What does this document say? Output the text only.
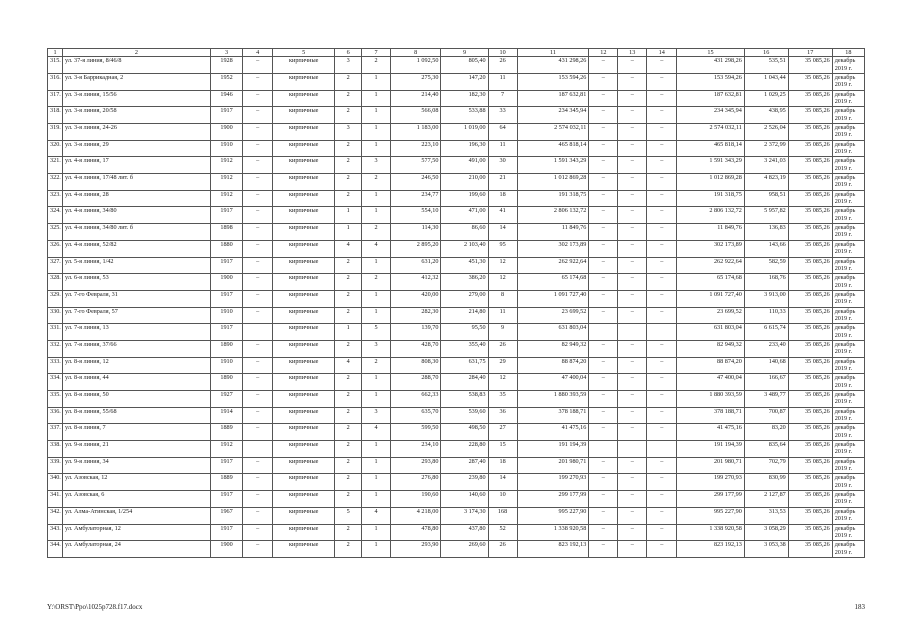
1	2	3	4	5	6	7	8	9	10	11	12	13	14	15	16	17	18
315.	ул. 37-я линия, 8/46/8	1928	–	кирпичные	3	2	1 092,50	805,40	26	431 298,26	–	–	–	431 298,26	535,51	35 085,26	декабрь 2019 г.
316.	ул. 3-я Баррикадная, 2	1952	–	кирпичные	2	1	275,30	147,20	11	153 594,26	–	–	–	153 594,26	1 043,44	35 085,26	декабрь 2019 г.
317.	ул. 3-я линия, 15/56	1946	–	кирпичные	2	1	214,40	182,30	7	187 632,81	–	–	–	187 632,81	1 029,25	35 085,26	декабрь 2019 г.
318.	ул. 3-я линия, 20/58	1917	–	кирпичные	2	1	566,08	533,88	33	234 345,94	–	–	–	234 345,94	438,95	35 085,26	декабрь 2019 г.
319.	ул. 3-я линия, 24-26	1900	–	кирпичные	3	1	1 183,00	1 019,00	64	2 574 032,11	–	–	–	2 574 032,11	2 526,04	35 085,26	декабрь 2019 г.
320.	ул. 3-я линия, 29	1910	–	кирпичные	2	1	223,10	196,30	11	465 818,14	–	–	–	465 818,14	2 372,99	35 085,26	декабрь 2019 г.
321.	ул. 4-я линия, 17	1912	–	кирпичные	2	3	577,50	491,00	30	1 591 343,29	–	–	–	1 591 343,29	3 241,03	35 085,26	декабрь 2019 г.
322.	ул. 4-я линия, 17/48 лит. б	1912	–	кирпичные	2	2	246,50	210,00	21	1 012 869,28	–	–	–	1 012 869,28	4 823,19	35 085,26	декабрь 2019 г.
323.	ул. 4-я линия, 28	1912	–	кирпичные	2	1	234,77	199,60	18	191 318,75	–	–	–	191 318,75	958,51	35 085,26	декабрь 2019 г.
324.	ул. 4-я линия, 34/80	1917	–	кирпичные	1	1	554,10	471,00	41	2 806 132,72	–	–	–	2 806 132,72	5 957,82	35 085,26	декабрь 2019 г.
325.	ул. 4-я линия, 34/80 лит. б	1898	–	кирпичные	1	2	114,30	86,60	14	11 849,76	–	–	–	11 849,76	136,83	35 085,26	декабрь 2019 г.
326.	ул. 4-я линия, 52/82	1880	–	кирпичные	4	4	2 895,20	2 103,40	95	302 173,89	–	–	–	302 173,89	143,66	35 085,26	декабрь 2019 г.
327.	ул. 5-я линия, 1/42	1917	–	кирпичные	2	1	631,20	451,30	12	262 922,64	–	–	–	262 922,64	582,59	35 085,26	декабрь 2019 г.
328.	ул. 6-я линия, 53	1900	–	кирпичные	2	2	412,32	386,20	12	65 174,68	–	–	–	65 174,68	168,76	35 085,26	декабрь 2019 г.
329.	ул. 7-го Февраля, 31	1917	–	кирпичные	2	1	420,00	279,00	8	1 091 727,40	–	–	–	1 091 727,40	3 913,00	35 085,26	декабрь 2019 г.
330.	ул. 7-го Февраля, 57	1910	–	кирпичные	2	1	282,30	214,80	11	23 699,52	–	–	–	23 699,52	110,33	35 085,26	декабрь 2019 г.
331.	ул. 7-я линия, 13	1917		кирпичные	1	5	139,70	95,50	9	631 803,04				631 803,04	6 615,74	35 085,26	декабрь 2019 г.
332.	ул. 7-я линия, 37/66	1890	–	кирпичные	2	3	428,70	355,40	26	82 949,32	–	–	–	82 949,32	233,40	35 085,26	декабрь 2019 г.
333.	ул. 8-я линия, 12	1910	–	кирпичные	4	2	808,30	631,75	29	88 874,20	–	–	–	88 874,20	140,68	35 085,26	декабрь 2019 г.
334.	ул. 8-я линия, 44	1890	–	кирпичные	2	1	288,70	284,40	12	47 400,04	–	–	–	47 400,04	166,67	35 085,26	декабрь 2019 г.
335.	ул. 8-я линия, 50	1927	–	кирпичные	2	1	662,33	538,83	35	1 880 393,59	–	–	–	1 880 393,59	3 489,77	35 085,26	декабрь 2019 г.
336.	ул. 8-я линия, 55/68	1914	–	кирпичные	2	3	635,70	539,60	36	378 188,71	–	–	–	378 188,71	700,87	35 085,26	декабрь 2019 г.
337.	ул. 8-я линия, 7	1889	–	кирпичные	2	4	599,50	498,50	27	41 475,16	–	–	–	41 475,16	83,20	35 085,26	декабрь 2019 г.
338.	ул. 9-я линия, 21	1912		кирпичные	2	1	234,10	228,80	15	191 194,39				191 194,39	835,64	35 085,26	декабрь 2019 г.
339.	ул. 9-я линия, 34	1917	–	кирпичные	2	1	293,80	287,40	18	201 980,71	–	–	–	201 980,71	702,79	35 085,26	декабрь 2019 г.
340.	ул. Азовская, 12	1889	–	кирпичные	2	1	276,80	239,80	14	199 270,93	–	–	–	199 270,93	830,99	35 085,26	декабрь 2019 г.
341.	ул. Азовская, 6	1917	–	кирпичные	2	1	190,60	140,60	10	299 177,99	–	–	–	299 177,99	2 127,87	35 085,26	декабрь 2019 г.
342.	ул. Алма-Атинская, 1/254	1967	–	кирпичные	5	4	4 218,00	3 174,30	168	995 227,90	–	–	–	995 227,90	313,53	35 085,26	декабрь 2019 г.
343.	ул. Амбулаторная, 12	1917	–	кирпичные	2	1	478,80	437,80	52	1 338 920,58	–	–	–	1 338 920,58	3 058,29	35 085,26	декабрь 2019 г.
344.	ул. Амбулаторная, 24	1900	–	кирпичные	2	1	293,90	269,60	26	823 192,13	–	–	–	823 192,13	3 053,38	35 085,26	декабрь 2019 г.
Y:\ORST\Ppo\1025p728.f17.docx	183
